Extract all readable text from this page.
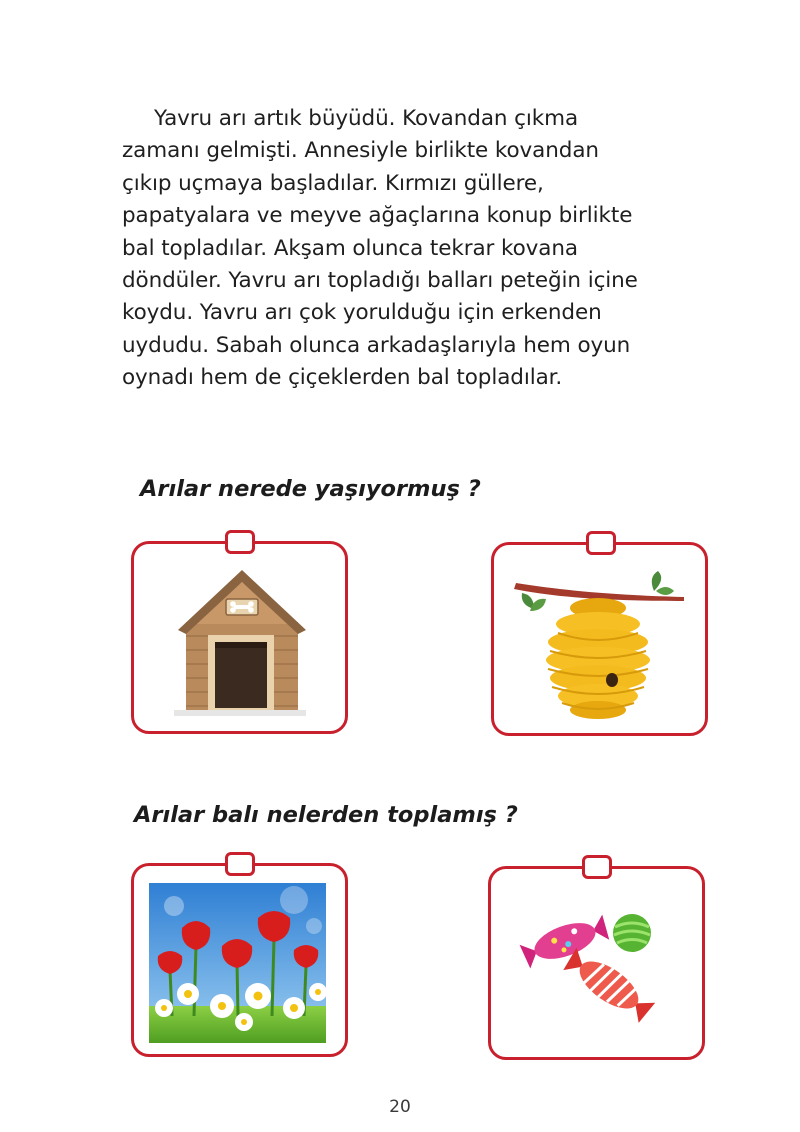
Yavru arı artık büyüdü. Kovandan çıkma
zamanı gelmişti. Annesiyle birlikte kovandan
çıkıp uçmaya başladılar. Kırmızı güllere,
papatyalara ve meyve ağaçlarına konup birlikte
bal topladılar. Akşam olunca tekrar kovana
döndüler. Yavru arı topladığı balları peteğin içine
koydu. Yavru arı çok yorulduğu için erkenden
uydudu. Sabah olunca arkadaşlarıyla hem oyun
oynadı hem de çiçeklerden bal topladılar.
Arılar nerede yaşıyormuş ?
Arılar balı nelerden toplamış ?
20
